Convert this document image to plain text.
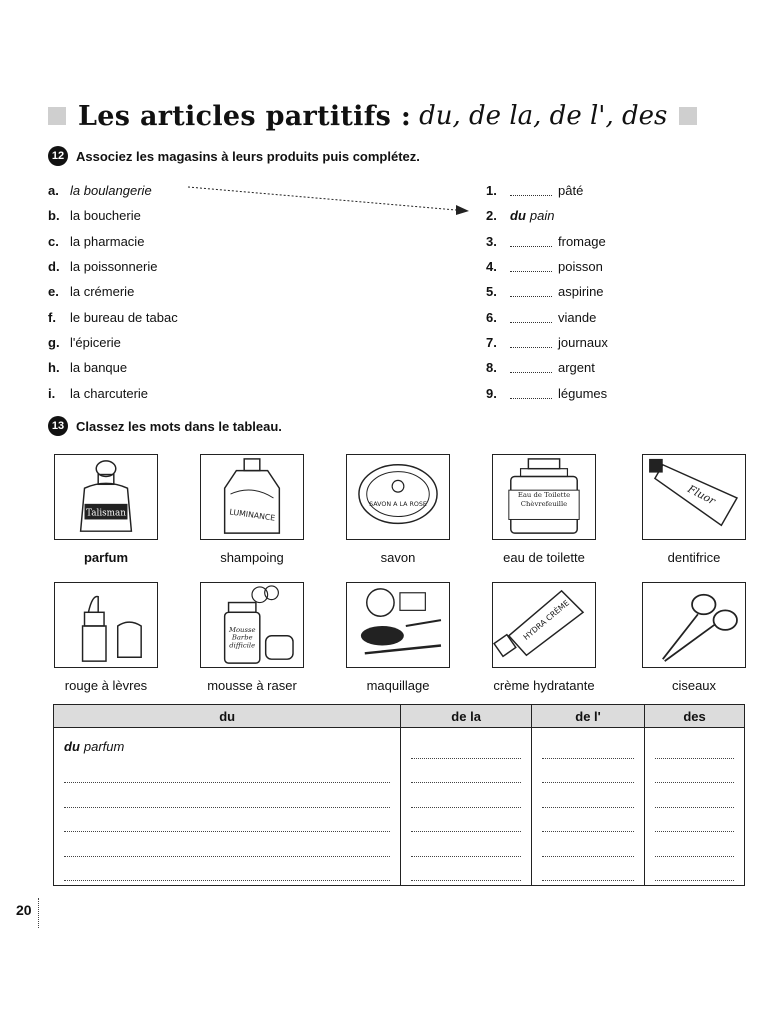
Les articles partitifs : du, de la, de l', des
12 Associez les magasins à leurs produits puis complétez.
a. la boulangerie
b. la boucherie
c. la pharmacie
d. la poissonnerie
e. la crémerie
f.	le bureau de tabac
g. l'épicerie
h. la banque
i.	la charcuterie
1.	pâté
2.	du pain
3.	fromage
4.	poisson
5.	aspirine
6.	viande
7.	journaux
8.	argent
9.	légumes
13 Classez les mots dans le tableau.
Talisman	LUMINANCE
SAVON A LA ROSE
Eau de Toilette Chèvrefeuille	Fluor
parfum	shampoing	savon	eau de toilette	dentifrice
Mousse Barbe difficile
HYDRA CRÈME
rouge à lèvres	mousse à raser	maquillage	crème hydratante	ciseaux
du	de la	de l'	des

du parfum			

20
